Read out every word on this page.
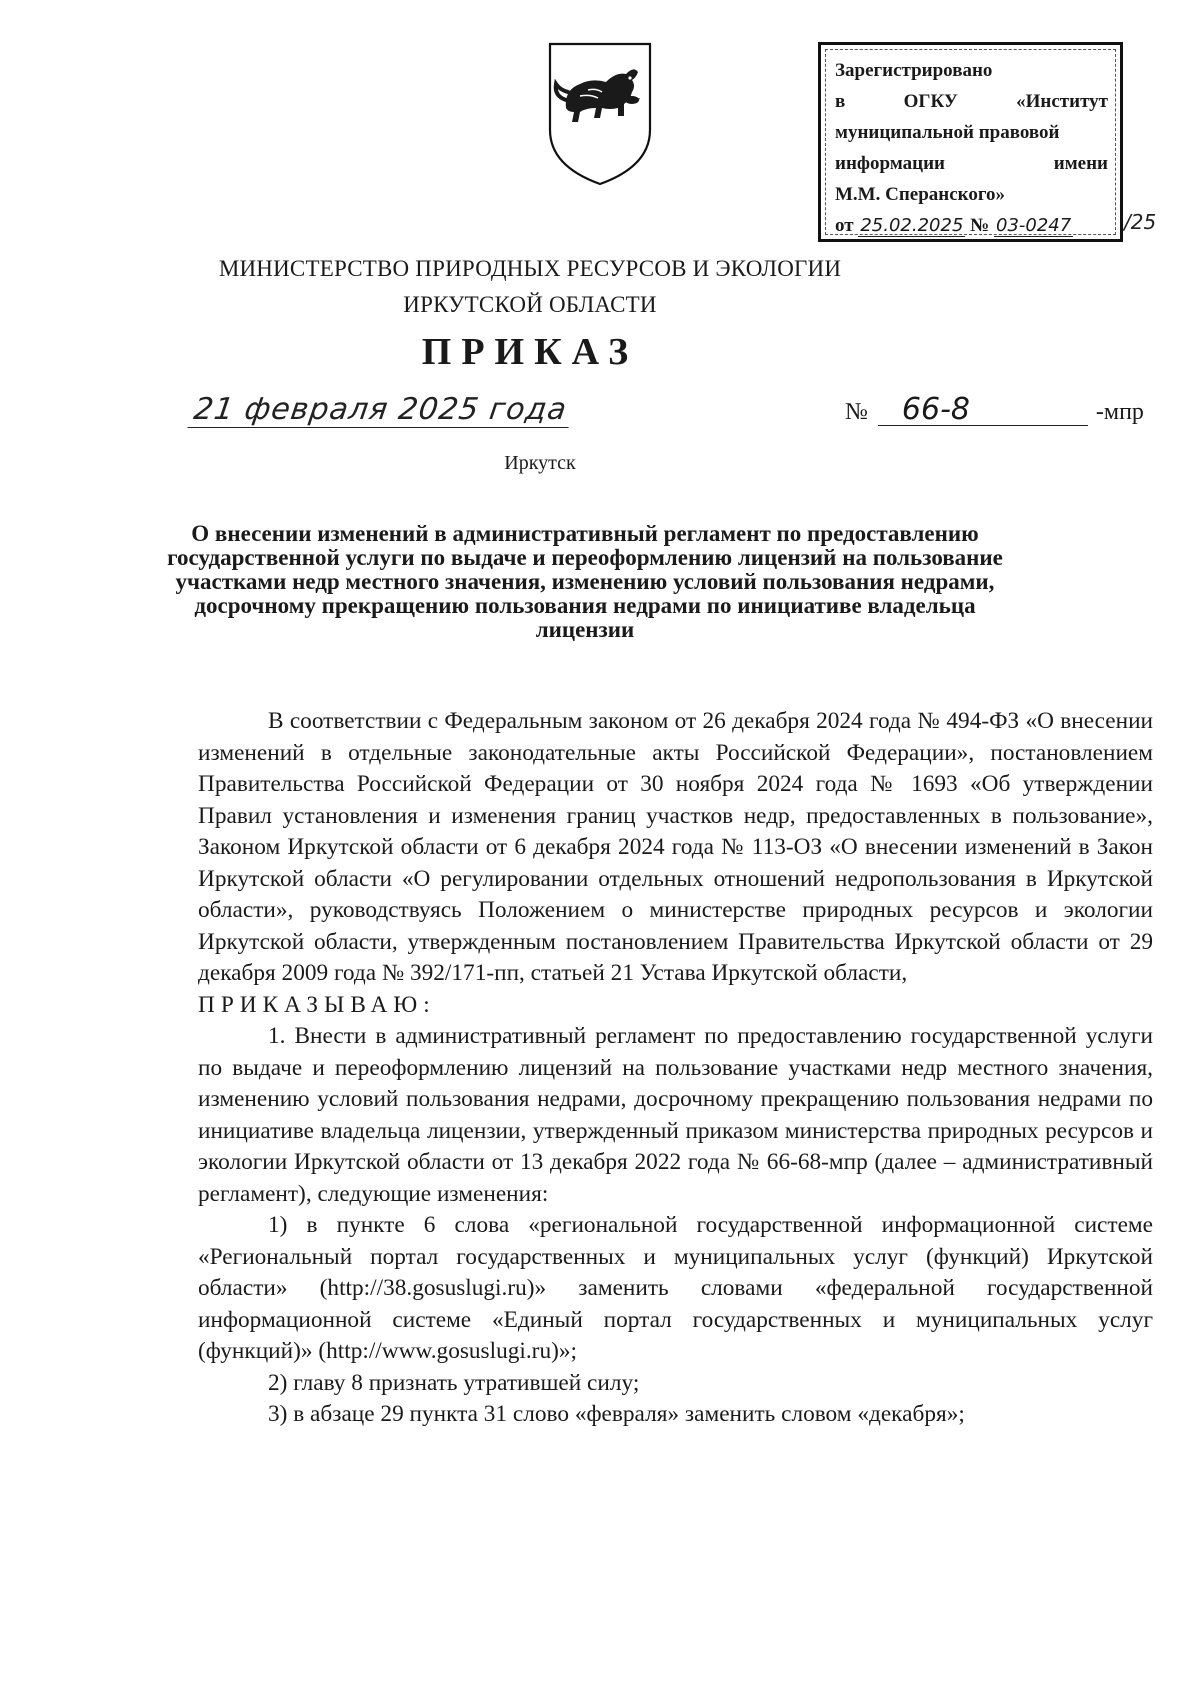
Зарегистрировано
в	ОГКУ	«Институт
муниципальной правовой
информации	имени
М.М. Сперанского»
от 25.02.2025 № 03-0247	/25
МИНИСТЕРСТВО ПРИРОДНЫХ РЕСУРСОВ И ЭКОЛОГИИ
ИРКУТСКОЙ ОБЛАСТИ
ПРИКАЗ
21 февраля 2025 года	№	66-8	-мпр
Иркутск
О внесении изменений в административный регламент по предоставлению государственной услуги по выдаче и переоформлению лицензий на пользование участками недр местного значения, изменению условий пользования недрами, досрочному прекращению пользования недрами по инициативе владельца лицензии

В соответствии с Федеральным законом от 26 декабря 2024 года № 494-ФЗ «О внесении изменений в отдельные законодательные акты Российской Федерации», постановлением Правительства Российской Федерации от 30 ноября 2024 года № 1693 «Об утверждении Правил установления и изменения границ участков недр, предоставленных в пользование», Законом Иркутской области от 6 декабря 2024 года № 113-ОЗ «О внесении изменений в Закон Иркутской области «О регулировании отдельных отношений недропользования в Иркутской области», руководствуясь Положением о министерстве природных ресурсов и экологии Иркутской области, утвержденным постановлением Правительства Иркутской области от 29 декабря 2009 года № 392/171-пп, статьей 21 Устава Иркутской области,

ПРИКАЗЫВАЮ:

1. Внести в административный регламент по предоставлению государственной услуги по выдаче и переоформлению лицензий на пользование участками недр местного значения, изменению условий пользования недрами, досрочному прекращению пользования недрами по инициативе владельца лицензии, утвержденный приказом министерства природных ресурсов и экологии Иркутской области от 13 декабря 2022 года № 66-68-мпр (далее – административный регламент), следующие изменения:

1) в пункте 6 слова «региональной государственной информационной системе «Региональный портал государственных и муниципальных услуг (функций) Иркутской области» (http://38.gosuslugi.ru)» заменить словами «федеральной государственной информационной системе «Единый портал государственных и муниципальных услуг (функций)» (http://www.gosuslugi.ru)»;

2) главу 8 признать утратившей силу;

3) в абзаце 29 пункта 31 слово «февраля» заменить словом «декабря»;
